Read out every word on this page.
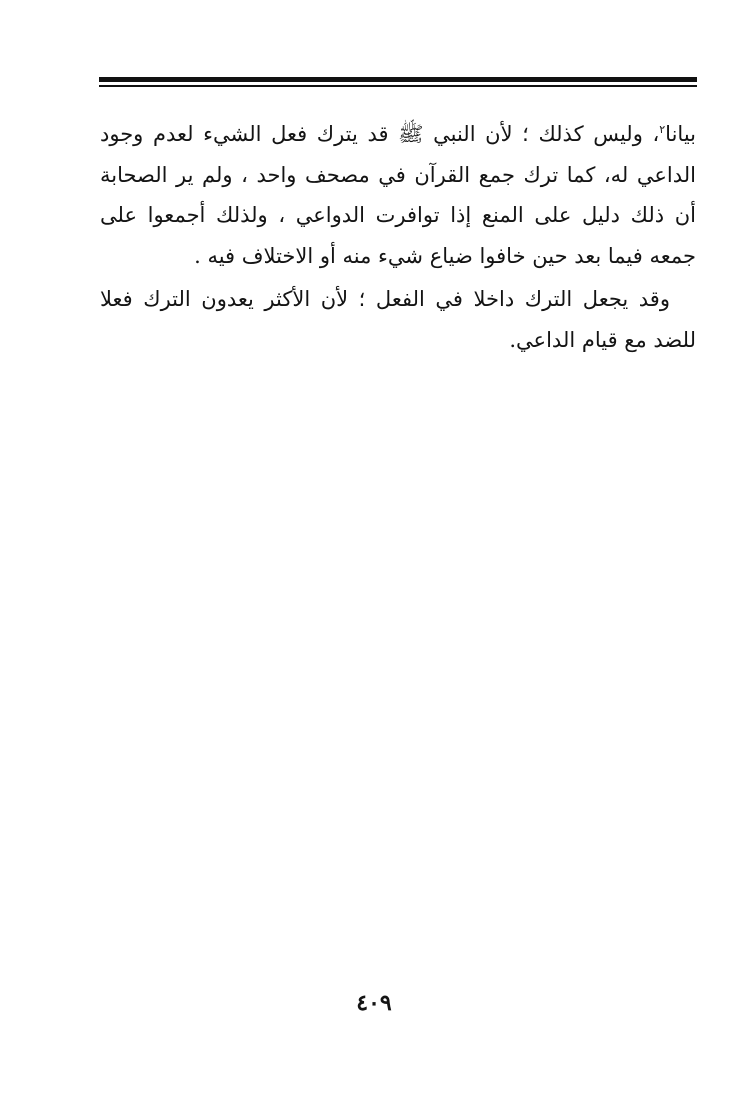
بيانا$^٢$، وليس كذلك ؛ لأن النبي ﷺ قد يترك فعل الشيء لعدم وجود الداعي له، كما ترك جمع القرآن في مصحف واحد ، ولم ير الصحابة أن ذلك دليل على المنع إذا توافرت الدواعي ، ولذلك أجمعوا على جمعه فيما بعد حين خافوا ضياع شيء منه أو الاختلاف فيه .

وقد يجعل الترك داخلا في الفعل ؛ لأن الأكثر يعدون الترك فعلا للضد مع قيام الداعي.

٤٠٩
